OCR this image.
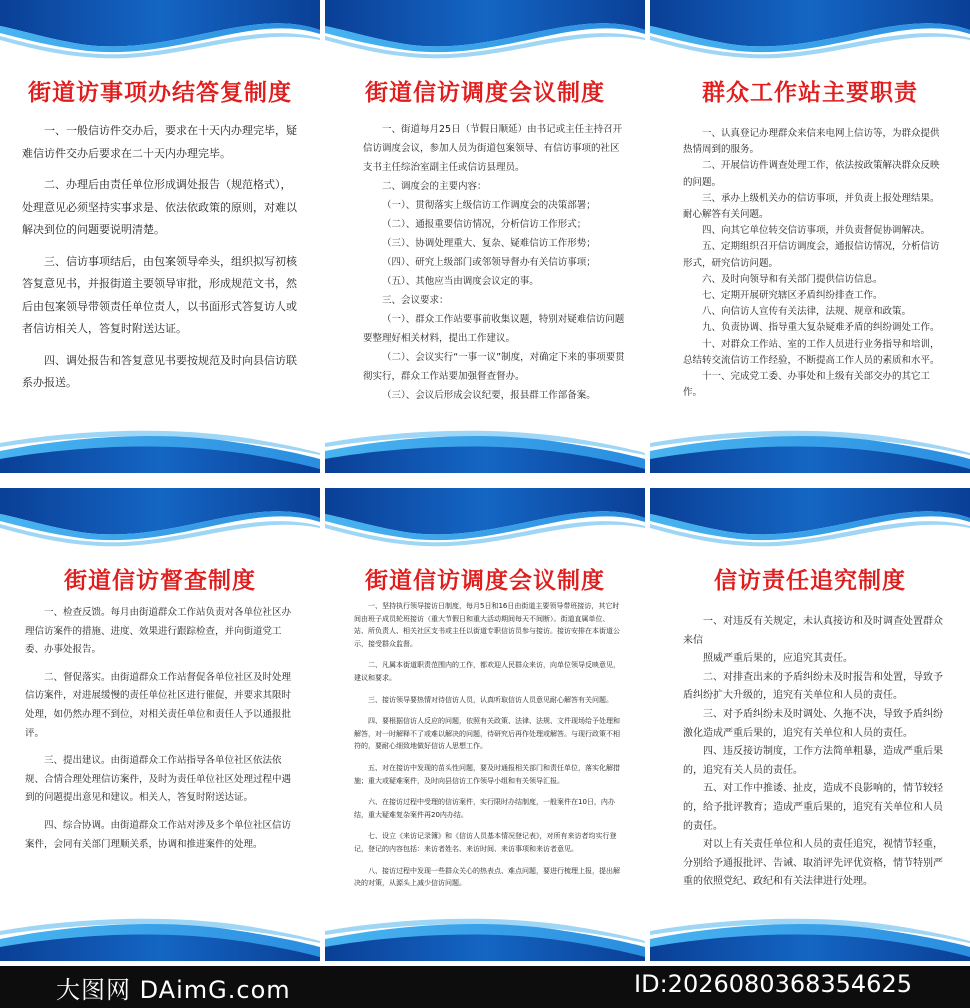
街道访事项办结答复制度

一、一般信访件交办后，要求在十天内办理完毕，疑难信访件交办后要求在二十天内办理完毕。

二、办理后由责任单位形成调处报告（规范格式），处理意见必须坚持实事求是、依法依政策的原则，对难以解决到位的问题要说明清楚。

三、信访事项结后，由包案领导牵头，组织拟写初核答复意见书，并报街道主要领导审批，形成规范文书，然后由包案领导带领责任单位责人，以书面形式答复访人或者信访相关人，答复时附送达证。

四、调处报告和答复意见书要按规范及时向县信访联系办报送。

街道信访调度会议制度

一、街道每月25日（节假日顺延）由书记或主任主持召开信访调度会议，参加人员为街道包案领导、有信访事项的社区支书主任综治室副主任或信访县理员。

二、调度会的主要内容：

（一）、贯彻落实上级信访工作调度会的决策部署；

（二）、通报重要信访情况，分析信访工作形式；

（三）、协调处理重大、复杂、疑难信访工作形势；

（四）、研究上级部门或邻领导督办有关信访事项；

（五）、其他应当由调度会议定的事。

三、会议要求：

（一）、群众工作站要事前收集议题，特别对疑难信访问题要整理好相关材料，提出工作建议。

（二）、会议实行“一事一议”制度，对确定下来的事项要贯彻实行，群众工作站要加强督查督办。

（三）、会议后形成会议纪要，报县群工作部备案。

群众工作站主要职责

一、认真登记办理群众来信来电网上信访等，为群众提供热情周到的服务。

二、开展信访件调查处理工作，依法按政策解决群众反映的问题。

三、承办上级机关办的信访事项，并负责上报处理结果。耐心解答有关问题。

四、向其它单位转交信访事项，并负责督促协调解决。

五、定期组织召开信访调度会，通报信访情况，分析信访形式，研究信访问题。

六、及时向领导和有关部门提供信访信息。

七、定期开展研究辖区矛盾纠纷排查工作。

八、向信访人宣传有关法律，法规、规章和政策。

九、负责协调、指导重大复杂疑难矛盾的纠纷调处工作。

十、对群众工作站、室的工作人员进行业务指导和培训，总结转交流信访工作经验，不断提高工作人员的素质和水平。

十一、完成党工委、办事处和上级有关部交办的其它工作。

街道信访督查制度

一、检查反馈。每月由街道群众工作站负责对各单位社区办理信访案件的措施、进度、效果进行跟踪检查，并向街道党工委、办事处报告。

二、督促落实。由街道群众工作站督促各单位社区及时处理信访案件，对进展缓慢的责任单位社区进行催促，并要求其限时处理，如仍然办理不到位，对相关责任单位和责任人予以通报批评。

三、提出建议。由街道群众工作站指导各单位社区依法依规、合情合理处理信访案件，及时为责任单位社区处理过程中遇到的问题提出意见和建议。相关人，答复时附送达证。

四、综合协调。由街道群众工作站对涉及多个单位社区信访案件，会同有关部门理顺关系，协调和推进案件的处理。

街道信访调度会议制度

一、坚持执行领导接访日制度，每月5日和16日由街道主要领导带班接访，其它时间由班子成员轮班接访（重大节假日和重大活动期间每天不间断）。街道直属单位、站、所负责人、相关社区支书或主任以街道专职信访员参与接访。接访安排在本街道公示，接受群众监督。

二、凡属本街道职责范围内的工作，都欢迎人民群众来访，向单位领导反映意见，建议和要求。

三、接访领导要热情对待信访人员，认真听取信访人员意见耐心解答有关问题。

四、要根据信访人反应的问题，依照有关政策、法律、法规、文件现场给予处理和解答，对一时解释不了或难以解决的问题，待研究后再作处理或解答。与现行政策不相符的，要耐心细致地做好信访人思想工作。

五、对在接访中发现的苗头性问题，要及时通报相关部门和责任单位，落实化解措施；重大或疑难案件，及时向县信访工作领导小组和有关领导汇报。

六、在接访过程中受理的信访案件，实行限时办结制度，一般案件在10日，内办结，重大疑难复杂案件再20内办结。

七、设立《来访记录簿》和《信访人员基本情况登记表》，对所有来访者均实行登记，登记的内容包括：来访者姓名、来访时间、来访事项和来访者意见。

八、接访过程中发现一些群众关心的热表点、难点问题，要进行梳理上报，提出解决的对策，从源头上减少信访问题。

信访责任追究制度

一、对违反有关规定，未认真接访和及时调查处置群众来信

照威严重后果的，应追究其责任。

二、对排查出来的予盾纠纷未及时报告和处置，导致予盾纠纷扩大升级的，追究有关单位和人员的责任。

三、对予盾纠纷未及时调处、久拖不决，导致予盾纠纷激化造成严重后果的，追究有关单位和人员的责任。

四、违反接访制度，工作方法简单粗暴，造成严重后果的，追究有关人员的责任。

五、对工作中推诿、扯皮，造成不良影响的，情节较轻的，给予批评教育；造成严重后果的，追究有关单位和人员的责任。

对以上有关责任单位和人员的责任追究，视情节轻重，分别给予通报批评、告诫、取消评先评优资格，情节特别严重的依照党纪、政纪和有关法律进行处理。

大图网 DAimG.com	ID:2026080368354625
